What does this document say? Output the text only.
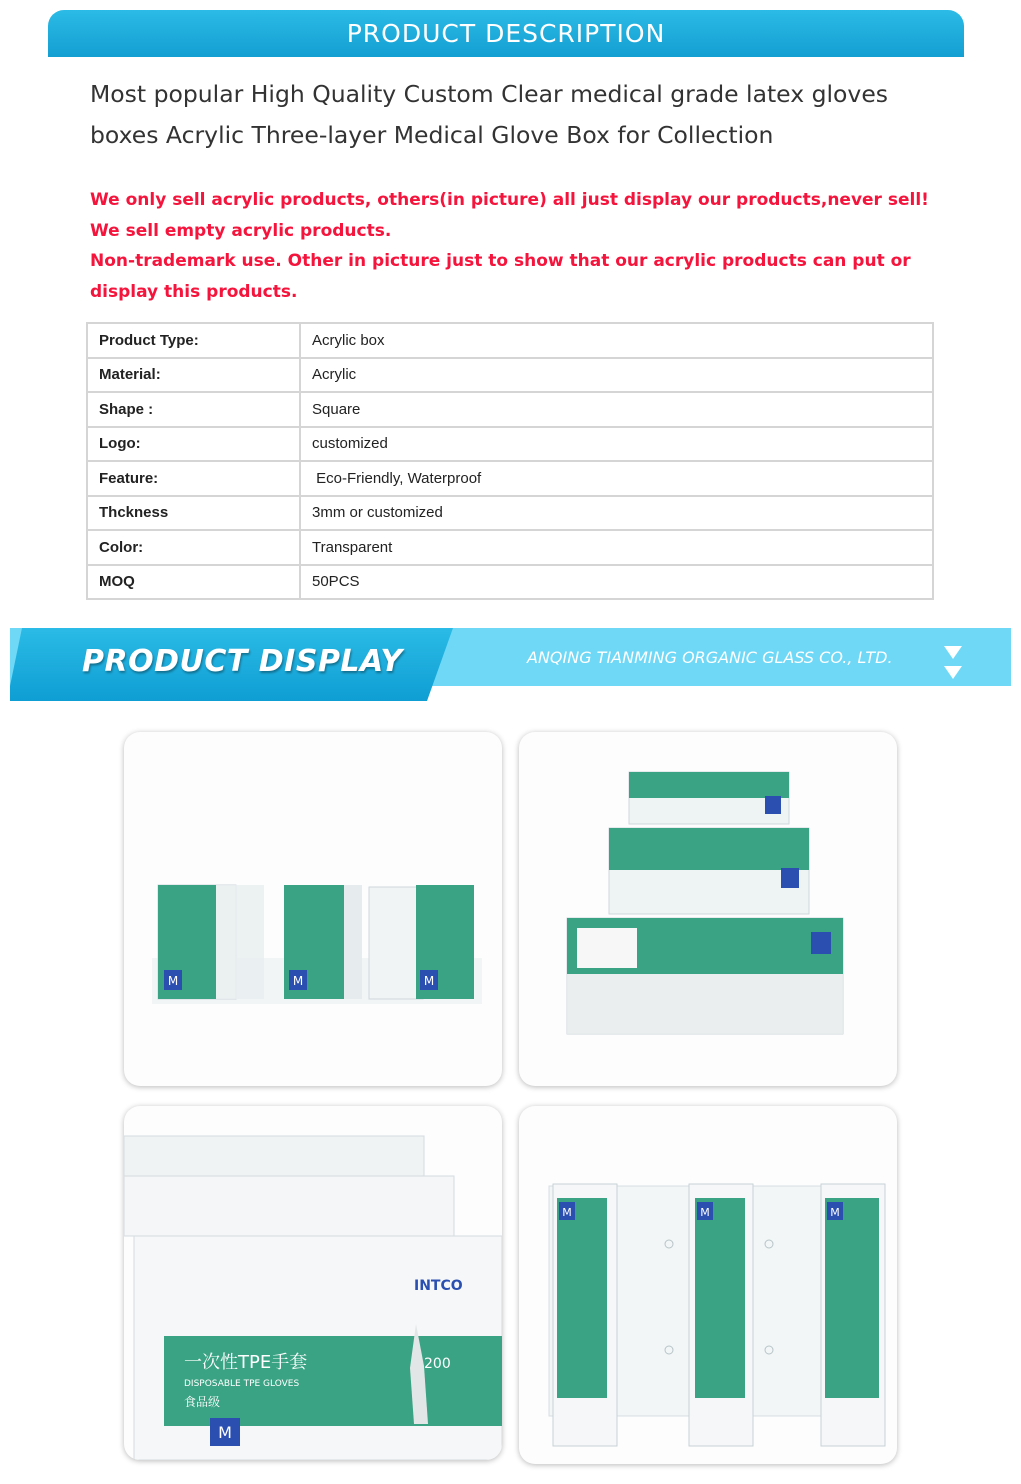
PRODUCT DESCRIPTION
Most popular High Quality Custom Clear medical grade latex gloves boxes Acrylic Three-layer Medical Glove Box for Collection

We only sell acrylic products, others(in picture) all just display our products,never sell! We sell empty acrylic products.

Non-trademark use. Other in picture just to show that our acrylic products can put or display this products.

Product Type:	Acrylic box
Material:	Acrylic
Shape :	Square
Logo:	customized
Feature:	Eco-Friendly, Waterproof
Thckness	3mm or customized
Color:	Transparent
MOQ	50PCS
PRODUCT DISPLAY	ANQING TIANMING ORGANIC GLASS CO., LTD.
M	M	M
一次性TPE手套
DISPOSABLE TPE GLOVES
食品级
200
INTCO
M
M	M	M
